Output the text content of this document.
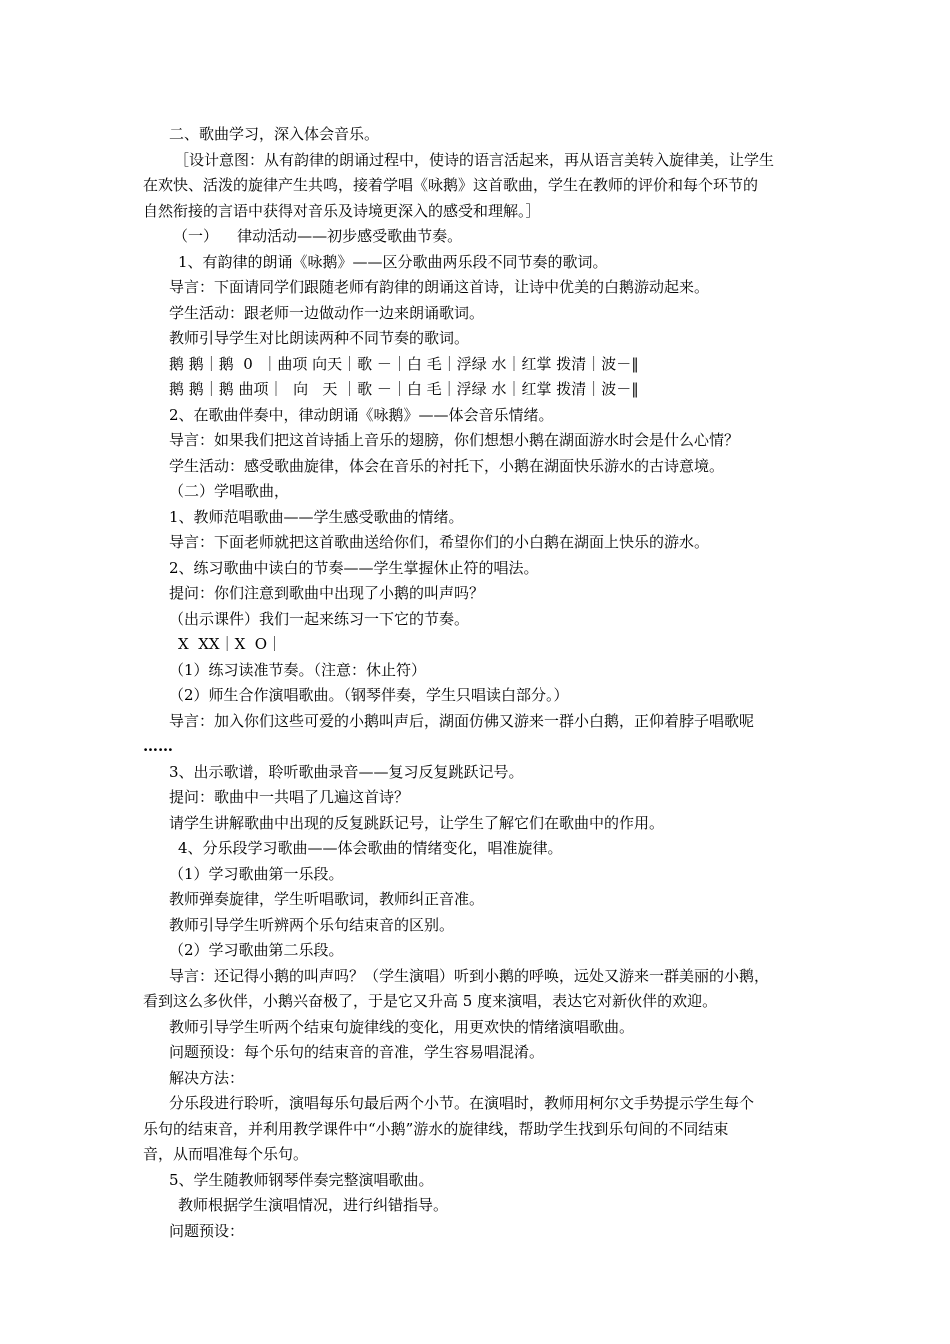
二、歌曲学习，深入体会音乐。
［设计意图：从有韵律的朗诵过程中，使诗的语言活起来，再从语言美转入旋律美，让学生
在欢快、活泼的旋律产生共鸣，接着学唱《咏鹅》这首歌曲，学生在教师的评价和每个环节的
自然衔接的言语中获得对音乐及诗境更深入的感受和理解。］
（一）    律动活动——初步感受歌曲节奏。
1、有韵律的朗诵《咏鹅》——区分歌曲两乐段不同节奏的歌词。
导言：下面请同学们跟随老师有韵律的朗诵这首诗，让诗中优美的白鹅游动起来。
学生活动：跟老师一边做动作一边来朗诵歌词。
教师引导学生对比朗读两种不同节奏的歌词。
鹅 鹅｜鹅  0  ｜曲项 向天｜歌 －｜白 毛｜浮绿 水｜红掌 拨清｜波－‖
鹅 鹅｜鹅 曲项｜  向   天 ｜歌 －｜白 毛｜浮绿 水｜红掌 拨清｜波－‖
2、在歌曲伴奏中，律动朗诵《咏鹅》——体会音乐情绪。
导言：如果我们把这首诗插上音乐的翅膀，你们想想小鹅在湖面游水时会是什么心情？
学生活动：感受歌曲旋律，体会在音乐的衬托下，小鹅在湖面快乐游水的古诗意境。
（二）学唱歌曲，
1、教师范唱歌曲——学生感受歌曲的情绪。
导言：下面老师就把这首歌曲送给你们，希望你们的小白鹅在湖面上快乐的游水。
2、练习歌曲中读白的节奏——学生掌握休止符的唱法。
提问：你们注意到歌曲中出现了小鹅的叫声吗？
（出示课件）我们一起来练习一下它的节奏。
X  XX｜X  O｜
（1）练习读准节奏。（注意：休止符）
（2）师生合作演唱歌曲。（钢琴伴奏，学生只唱读白部分。）
导言：加入你们这些可爱的小鹅叫声后，湖面仿佛又游来一群小白鹅，正仰着脖子唱歌呢
……
3、出示歌谱，聆听歌曲录音——复习反复跳跃记号。
提问：歌曲中一共唱了几遍这首诗？
请学生讲解歌曲中出现的反复跳跃记号，让学生了解它们在歌曲中的作用。
4、分乐段学习歌曲——体会歌曲的情绪变化，唱准旋律。
（1）学习歌曲第一乐段。
教师弹奏旋律，学生听唱歌词，教师纠正音准。
教师引导学生听辨两个乐句结束音的区别。
（2）学习歌曲第二乐段。
导言：还记得小鹅的叫声吗？（学生演唱）听到小鹅的呼唤，远处又游来一群美丽的小鹅，
看到这么多伙伴，小鹅兴奋极了，于是它又升高 5 度来演唱，表达它对新伙伴的欢迎。
教师引导学生听两个结束句旋律线的变化，用更欢快的情绪演唱歌曲。
问题预设：每个乐句的结束音的音准，学生容易唱混淆。
解决方法：
分乐段进行聆听，演唱每乐句最后两个小节。在演唱时，教师用柯尔文手势提示学生每个
乐句的结束音，并利用教学课件中“小鹅”游水的旋律线，帮助学生找到乐句间的不同结束
音，从而唱准每个乐句。
5、学生随教师钢琴伴奏完整演唱歌曲。
教师根据学生演唱情况，进行纠错指导。
问题预设：
